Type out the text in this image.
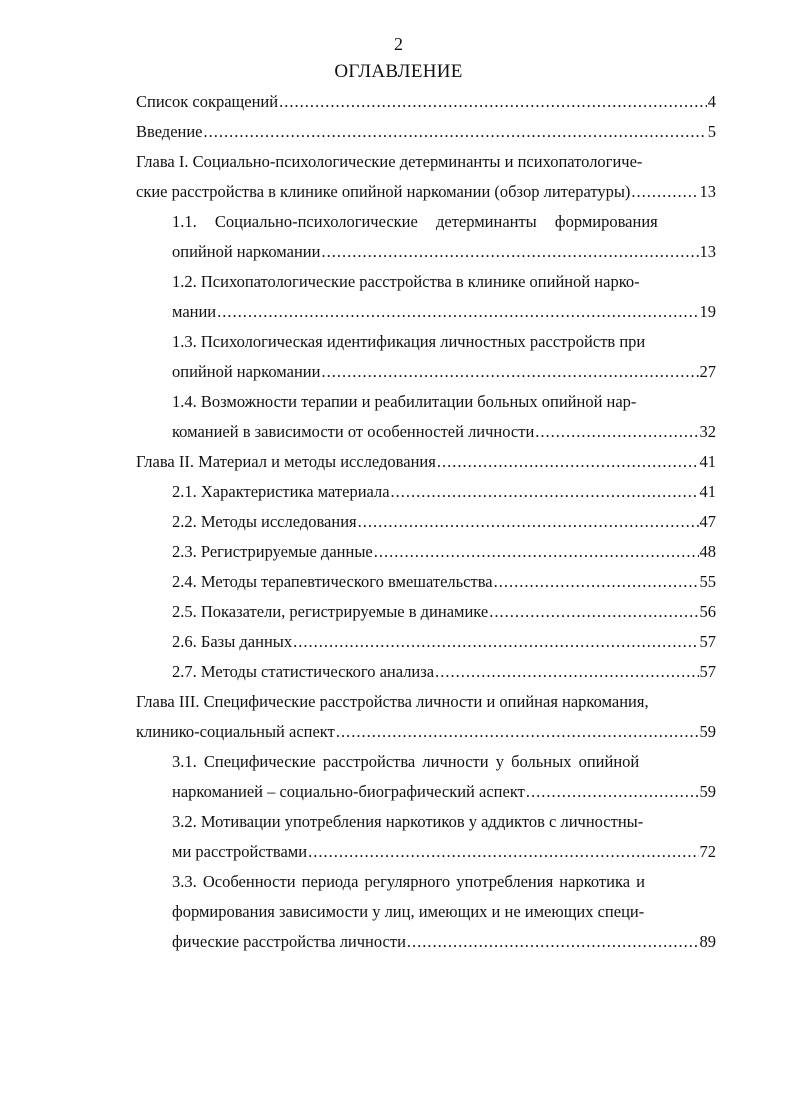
2
ОГЛАВЛЕНИЕ
Список сокращений .....	4
Введение .....	5
Глава I. Социально-психологические детерминанты и психопатологиче-
ские расстройства в клинике опийной наркомании (обзор литературы) .....	13
1.1. Социально-психологические детерминанты формирования
опийной наркомании .....	13
1.2. Психопатологические расстройства в клинике опийной нарко-
мании .....	19
1.3. Психологическая идентификация личностных расстройств при
опийной наркомании .....	27
1.4. Возможности терапии и реабилитации больных опийной нар-
команией в зависимости от особенностей личности .....	32
Глава II. Материал и методы исследования .....	41
2.1. Характеристика материала .....	41
2.2. Методы исследования .....	47
2.3. Регистрируемые данные .....	48
2.4. Методы терапевтического вмешательства .....	55
2.5. Показатели, регистрируемые в динамике .....	56
2.6. Базы данных .....	57
2.7. Методы статистического анализа .....	57
Глава III. Специфические расстройства личности и опийная наркомания,
клинико-социальный аспект .....	59
3.1. Специфические расстройства личности у больных опийной
наркоманией – социально-биографический аспект .....	59
3.2. Мотивации употребления наркотиков у аддиктов с личностны-
ми расстройствами .....	72
3.3. Особенности периода регулярного употребления наркотика и
формирования зависимости у лиц, имеющих и не имеющих специ-
фические расстройства личности .....	89
